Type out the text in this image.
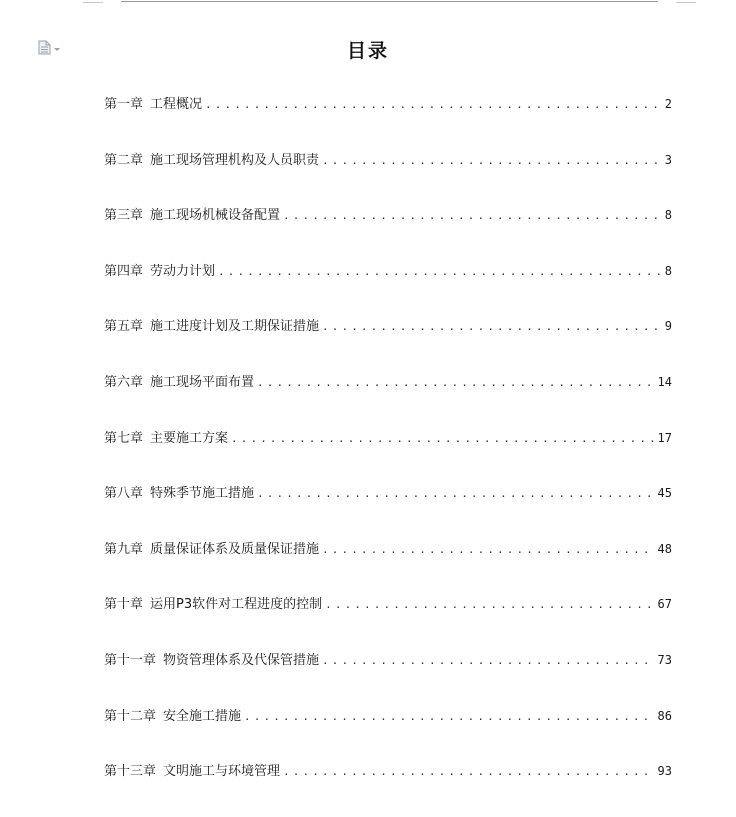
目录
第一章 工程概况 .....	2
第二章 施工现场管理机构及人员职责 .....	3
第三章 施工现场机械设备配置 .....	8
第四章 劳动力计划 .....	8
第五章 施工进度计划及工期保证措施 .....	9
第六章 施工现场平面布置 .....	14
第七章 主要施工方案 .....	17
第八章 特殊季节施工措施 .....	45
第九章 质量保证体系及质量保证措施 .....	48
第十章 运用P3软件对工程进度的控制 .....	67
第十一章 物资管理体系及代保管措施 .....	73
第十二章 安全施工措施 .....	86
第十三章 文明施工与环境管理 .....	93
